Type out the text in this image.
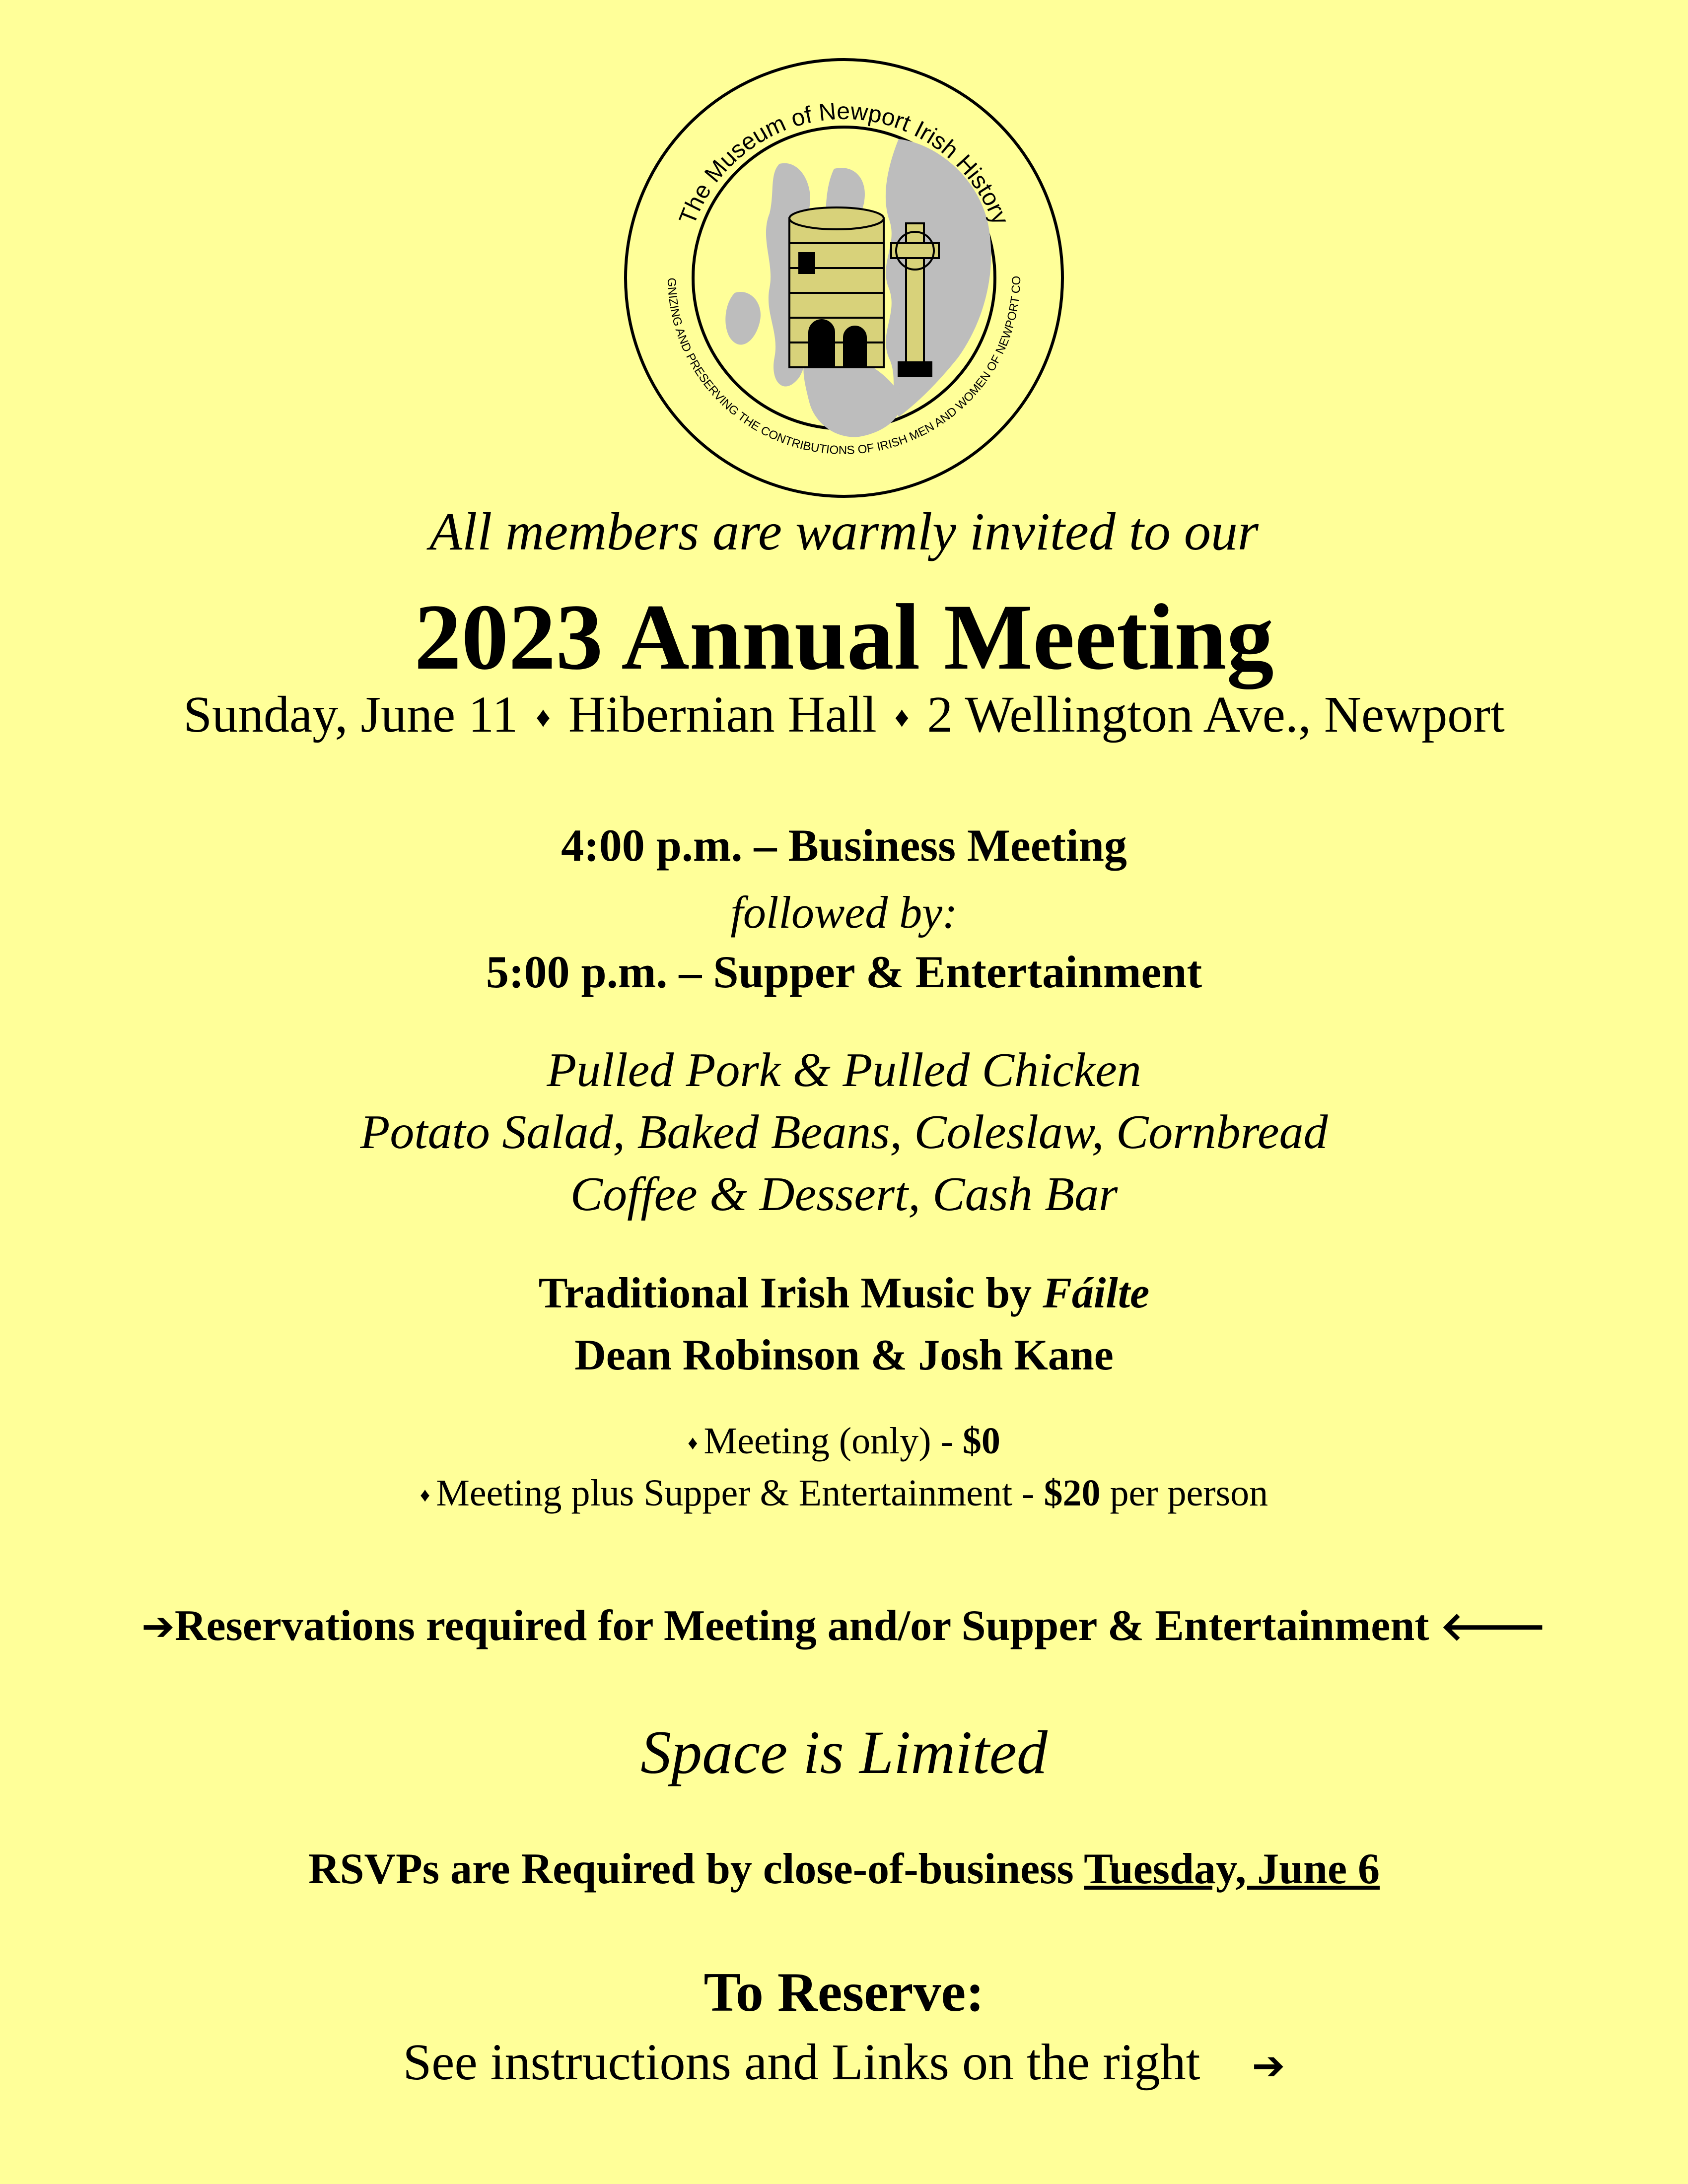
The Museum of Newport Irish History
GNIZING AND PRESERVING THE CONTRIBUTIONS OF IRISH MEN AND WOMEN OF NEWPORT CO
All members are warmly invited to our
2023 Annual Meeting
Sunday, June 11 ♦ Hibernian Hall ♦ 2 Wellington Ave., Newport
4:00 p.m. – Business Meeting
followed by:
5:00 p.m. – Supper & Entertainment
Pulled Pork & Pulled Chicken
Potato Salad, Baked Beans, Coleslaw, Cornbread
Coffee & Dessert, Cash Bar
Traditional Irish Music by Fáilte
Dean Robinson & Josh Kane
♦ Meeting (only) - $0
♦ Meeting plus Supper & Entertainment - $20 per person
➔Reservations required for Meeting and/or Supper & Entertainment 🡐
Space is Limited
RSVPs are Required by close-of-business Tuesday, June 6
To Reserve:
See instructions and Links on the right ➔
